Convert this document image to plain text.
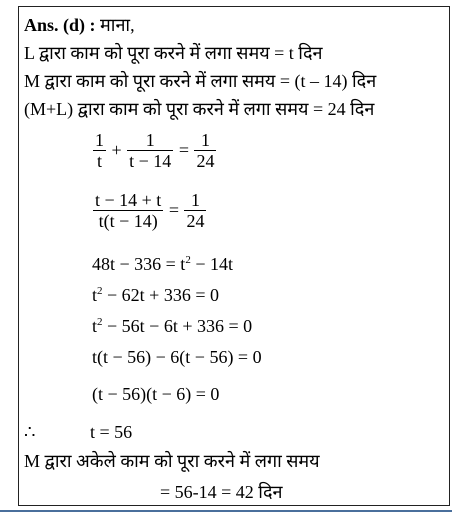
Ans. (d) : माना,
L द्वारा काम को पूरा करने में लगा समय = t दिन
M द्वारा काम को पूरा करने में लगा समय = (t – 14) दिन
(M+L) द्वारा काम को पूरा करने में लगा समय = 24 दिन
$\frac{1}{t} + \frac{1}{t - 14} = \frac{1}{24}$
$\frac{t - 14 + t}{t(t - 14)} = \frac{1}{24}$
$48t - 336 = t^2 - 14t$
$t^2 - 62t + 336 = 0$
$t^2 - 56t - 6t + 336 = 0$
t(t − 56) − 6(t − 56) = 0
(t − 56)(t − 6) = 0
∴	t = 56
M द्वारा अकेले काम को पूरा करने में लगा समय
= 56-14 = 42 दिन
